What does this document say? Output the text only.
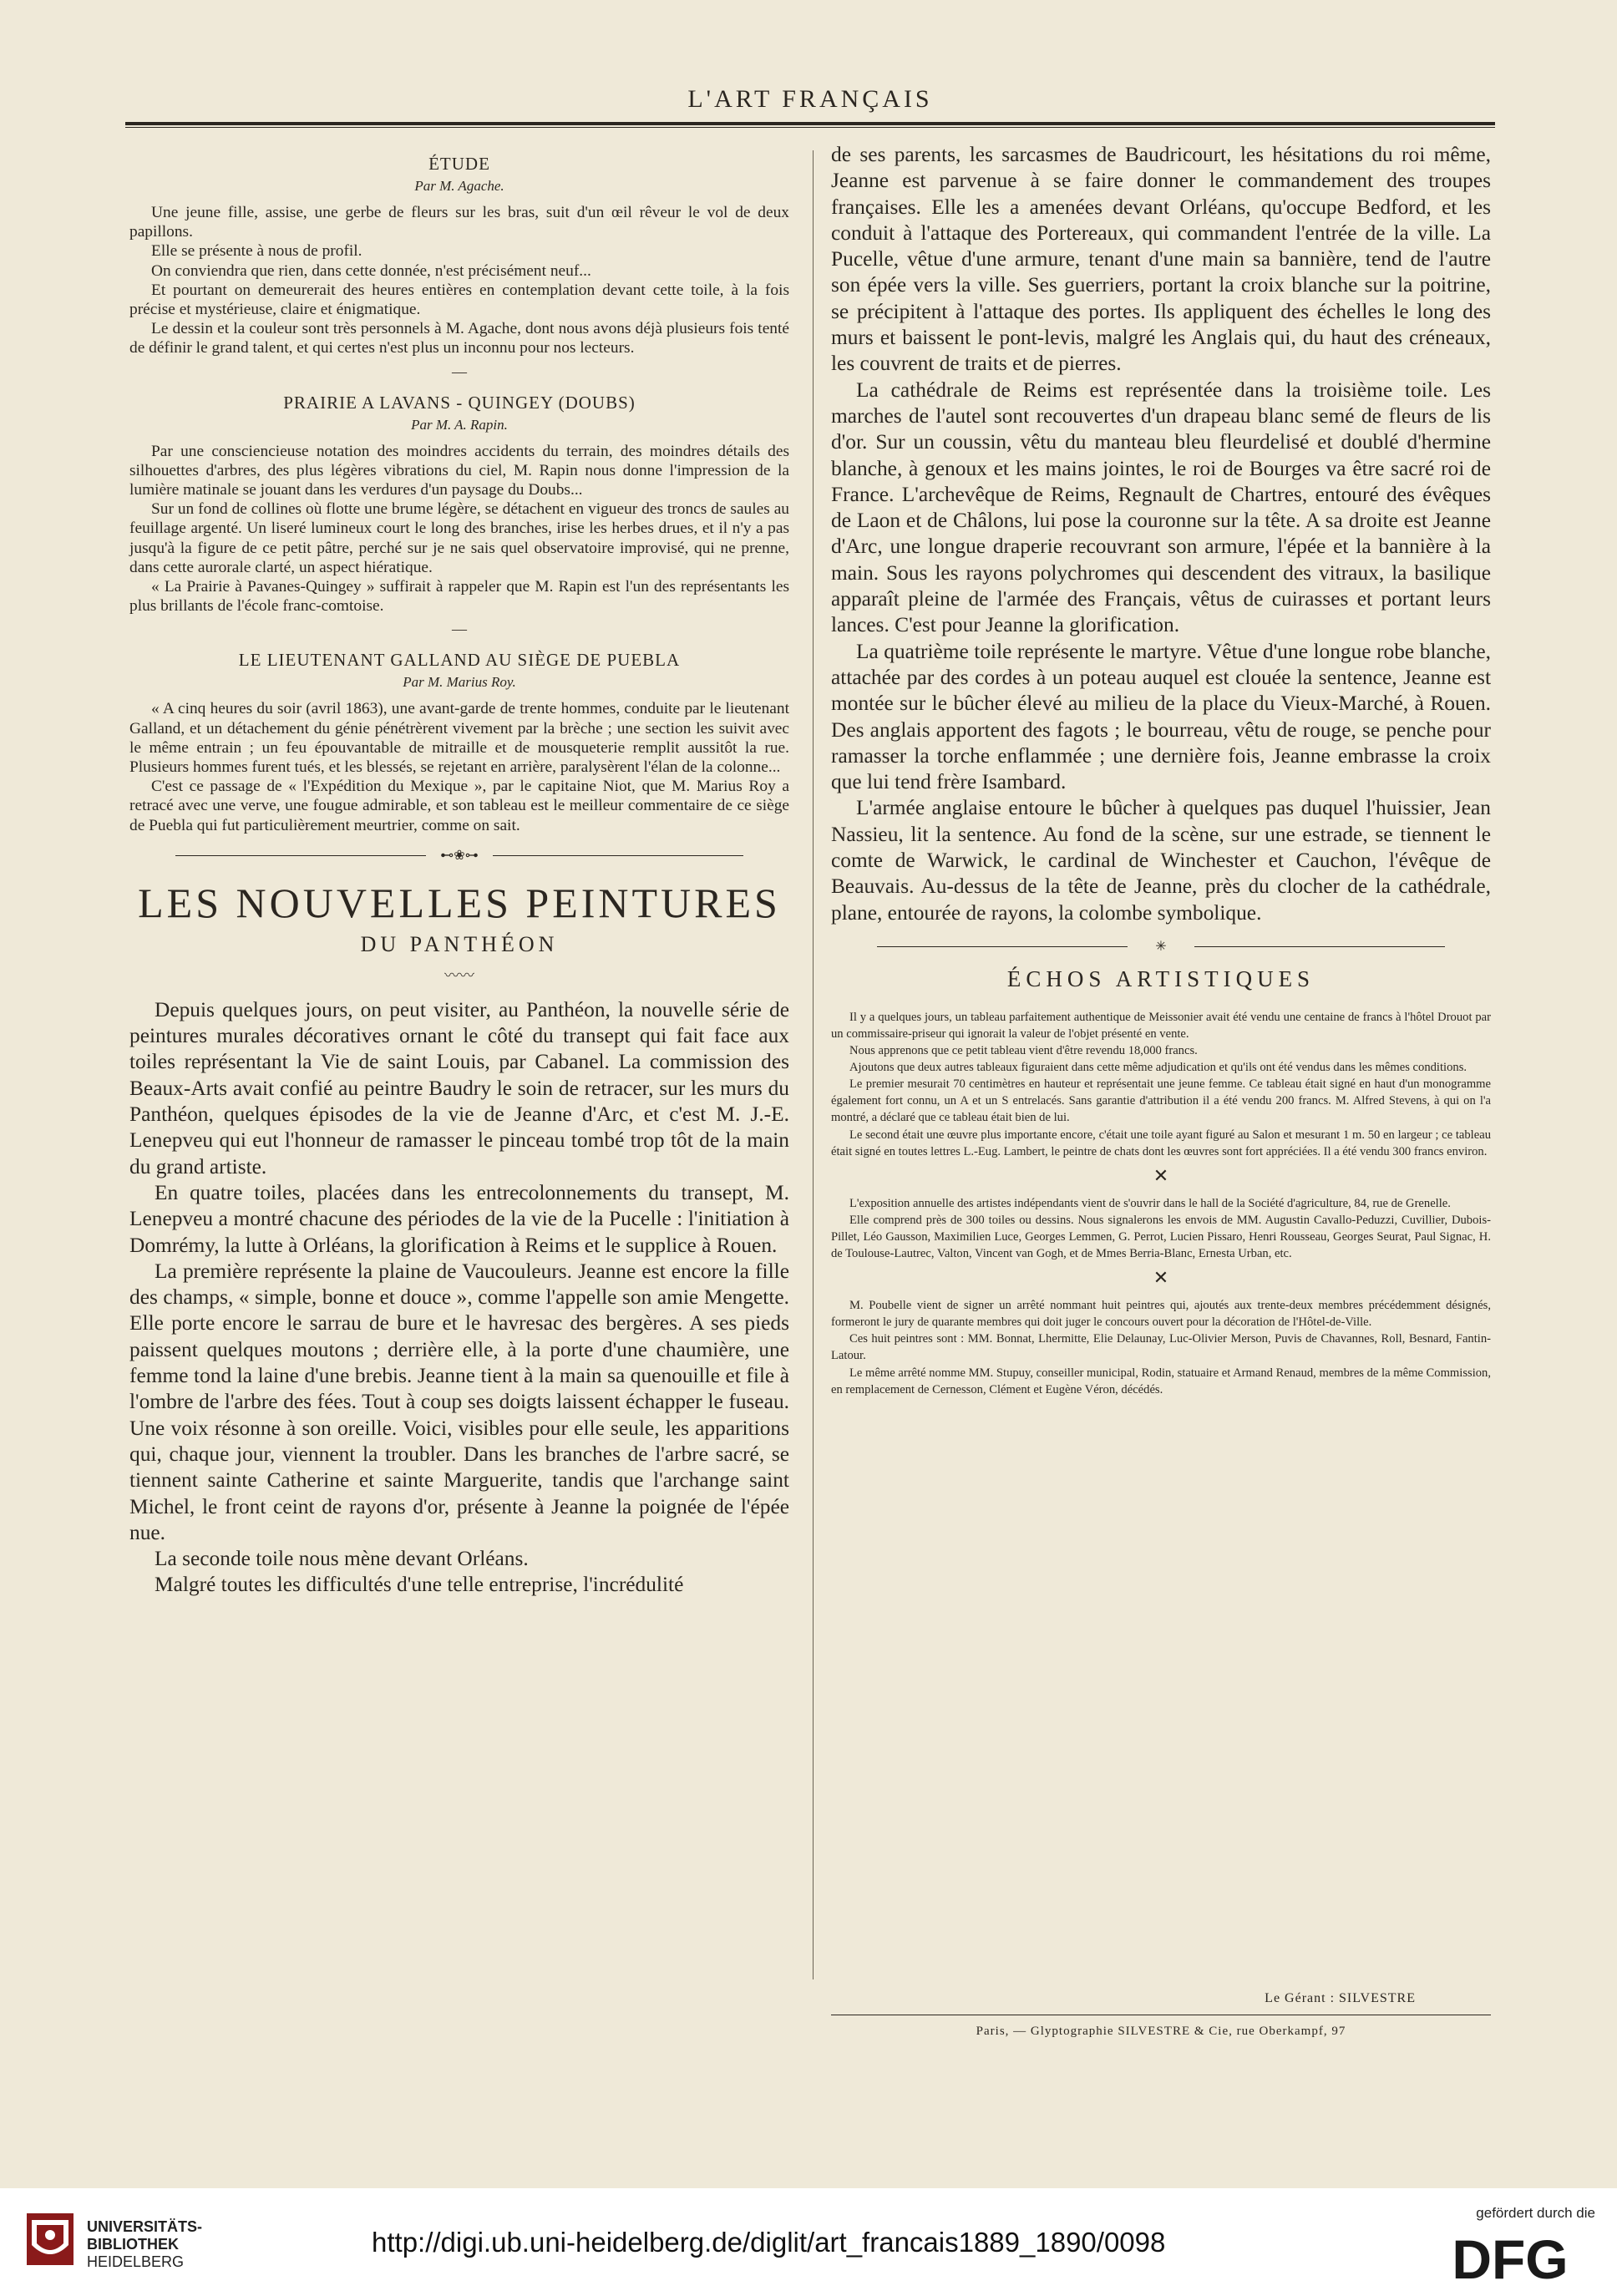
L'ART FRANÇAIS
ÉTUDE
Par M. Agache.

Une jeune fille, assise, une gerbe de fleurs sur les bras, suit d'un œil rêveur le vol de deux papillons.

Elle se présente à nous de profil.

On conviendra que rien, dans cette donnée, n'est précisément neuf...

Et pourtant on demeurerait des heures entières en contemplation devant cette toile, à la fois précise et mystérieuse, claire et énigmatique.

Le dessin et la couleur sont très personnels à M. Agache, dont nous avons déjà plusieurs fois tenté de définir le grand talent, et qui certes n'est plus un inconnu pour nos lecteurs.

—
PRAIRIE A LAVANS - QUINGEY (DOUBS)
Par M. A. Rapin.

Par une consciencieuse notation des moindres accidents du terrain, des moindres détails des silhouettes d'arbres, des plus légères vibrations du ciel, M. Rapin nous donne l'impression de la lumière matinale se jouant dans les verdures d'un paysage du Doubs...

Sur un fond de collines où flotte une brume légère, se détachent en vigueur des troncs de saules au feuillage argenté. Un liseré lumineux court le long des branches, irise les herbes drues, et il n'y a pas jusqu'à la figure de ce petit pâtre, perché sur je ne sais quel observatoire improvisé, qui ne prenne, dans cette aurorale clarté, un aspect hiératique.

« La Prairie à Pavanes-Quingey » suffirait à rappeler que M. Rapin est l'un des représentants les plus brillants de l'école franc-comtoise.

—
LE LIEUTENANT GALLAND AU SIÈGE DE PUEBLA
Par M. Marius Roy.

« A cinq heures du soir (avril 1863), une avant-garde de trente hommes, conduite par le lieutenant Galland, et un détachement du génie pénétrèrent vivement par la brèche ; une section les suivit avec le même entrain ; un feu épouvantable de mitraille et de mousqueterie remplit aussitôt la rue. Plusieurs hommes furent tués, et les blessés, se rejetant en arrière, paralysèrent l'élan de la colonne...

C'est ce passage de « l'Expédition du Mexique », par le capitaine Niot, que M. Marius Roy a retracé avec une verve, une fougue admirable, et son tableau est le meilleur commentaire de ce siège de Puebla qui fut particulièrement meurtrier, comme on sait.

⊷❀⊶
LES NOUVELLES PEINTURES
DU PANTHÉON
〰〰

Depuis quelques jours, on peut visiter, au Panthéon, la nouvelle série de peintures murales décoratives ornant le côté du transept qui fait face aux toiles représentant la Vie de saint Louis, par Cabanel. La commission des Beaux-Arts avait confié au peintre Baudry le soin de retracer, sur les murs du Panthéon, quelques épisodes de la vie de Jeanne d'Arc, et c'est M. J.-E. Lenepveu qui eut l'honneur de ramasser le pinceau tombé trop tôt de la main du grand artiste.

En quatre toiles, placées dans les entrecolonnements du transept, M. Lenepveu a montré chacune des périodes de la vie de la Pucelle : l'initiation à Domrémy, la lutte à Orléans, la glorification à Reims et le supplice à Rouen.

La première représente la plaine de Vaucouleurs. Jeanne est encore la fille des champs, « simple, bonne et douce », comme l'appelle son amie Mengette. Elle porte encore le sarrau de bure et le havresac des bergères. A ses pieds paissent quelques moutons ; derrière elle, à la porte d'une chaumière, une femme tond la laine d'une brebis. Jeanne tient à la main sa quenouille et file à l'ombre de l'arbre des fées. Tout à coup ses doigts laissent échapper le fuseau. Une voix résonne à son oreille. Voici, visibles pour elle seule, les apparitions qui, chaque jour, viennent la troubler. Dans les branches de l'arbre sacré, se tiennent sainte Catherine et sainte Marguerite, tandis que l'archange saint Michel, le front ceint de rayons d'or, présente à Jeanne la poignée de l'épée nue.

La seconde toile nous mène devant Orléans.

Malgré toutes les difficultés d'une telle entreprise, l'incrédulité

de ses parents, les sarcasmes de Baudricourt, les hésitations du roi même, Jeanne est parvenue à se faire donner le commandement des troupes françaises. Elle les a amenées devant Orléans, qu'occupe Bedford, et les conduit à l'attaque des Portereaux, qui commandent l'entrée de la ville. La Pucelle, vêtue d'une armure, tenant d'une main sa bannière, tend de l'autre son épée vers la ville. Ses guerriers, portant la croix blanche sur la poitrine, se précipitent à l'attaque des portes. Ils appliquent des échelles le long des murs et baissent le pont-levis, malgré les Anglais qui, du haut des créneaux, les couvrent de traits et de pierres.

La cathédrale de Reims est représentée dans la troisième toile. Les marches de l'autel sont recouvertes d'un drapeau blanc semé de fleurs de lis d'or. Sur un coussin, vêtu du manteau bleu fleurdelisé et doublé d'hermine blanche, à genoux et les mains jointes, le roi de Bourges va être sacré roi de France. L'archevêque de Reims, Regnault de Chartres, entouré des évêques de Laon et de Châlons, lui pose la couronne sur la tête. A sa droite est Jeanne d'Arc, une longue draperie recouvrant son armure, l'épée et la bannière à la main. Sous les rayons polychromes qui descendent des vitraux, la basilique apparaît pleine de l'armée des Français, vêtus de cuirasses et portant leurs lances. C'est pour Jeanne la glorification.

La quatrième toile représente le martyre. Vêtue d'une longue robe blanche, attachée par des cordes à un poteau auquel est clouée la sentence, Jeanne est montée sur le bûcher élevé au milieu de la place du Vieux-Marché, à Rouen. Des anglais apportent des fagots ; le bourreau, vêtu de rouge, se penche pour ramasser la torche enflammée ; une dernière fois, Jeanne embrasse la croix que lui tend frère Isambard.

L'armée anglaise entoure le bûcher à quelques pas duquel l'huissier, Jean Nassieu, lit la sentence. Au fond de la scène, sur une estrade, se tiennent le comte de Warwick, le cardinal de Winchester et Cauchon, l'évêque de Beauvais. Au-dessus de la tête de Jeanne, près du clocher de la cathédrale, plane, entourée de rayons, la colombe symbolique.

✳
ÉCHOS ARTISTIQUES

Il y a quelques jours, un tableau parfaitement authentique de Meissonier avait été vendu une centaine de francs à l'hôtel Drouot par un commissaire-priseur qui ignorait la valeur de l'objet présenté en vente.

Nous apprenons que ce petit tableau vient d'être revendu 18,000 francs.

Ajoutons que deux autres tableaux figuraient dans cette même adjudication et qu'ils ont été vendus dans les mêmes conditions.

Le premier mesurait 70 centimètres en hauteur et représentait une jeune femme. Ce tableau était signé en haut d'un monogramme également fort connu, un A et un S entrelacés. Sans garantie d'attribution il a été vendu 200 francs. M. Alfred Stevens, à qui on l'a montré, a déclaré que ce tableau était bien de lui.

Le second était une œuvre plus importante encore, c'était une toile ayant figuré au Salon et mesurant 1 m. 50 en largeur ; ce tableau était signé en toutes lettres L.-Eug. Lambert, le peintre de chats dont les œuvres sont fort appréciées. Il a été vendu 300 francs environ.

✕

L'exposition annuelle des artistes indépendants vient de s'ouvrir dans le hall de la Société d'agriculture, 84, rue de Grenelle.

Elle comprend près de 300 toiles ou dessins. Nous signalerons les envois de MM. Augustin Cavallo-Peduzzi, Cuvillier, Dubois-Pillet, Léo Gausson, Maximilien Luce, Georges Lemmen, G. Perrot, Lucien Pissaro, Henri Rousseau, Georges Seurat, Paul Signac, H. de Toulouse-Lautrec, Valton, Vincent van Gogh, et de Mmes Berria-Blanc, Ernesta Urban, etc.

✕

M. Poubelle vient de signer un arrêté nommant huit peintres qui, ajoutés aux trente-deux membres précédemment désignés, formeront le jury de quarante membres qui doit juger le concours ouvert pour la décoration de l'Hôtel-de-Ville.

Ces huit peintres sont : MM. Bonnat, Lhermitte, Elie Delaunay, Luc-Olivier Merson, Puvis de Chavannes, Roll, Besnard, Fantin-Latour.

Le même arrêté nomme MM. Stupuy, conseiller municipal, Rodin, statuaire et Armand Renaud, membres de la même Commission, en remplacement de Cernesson, Clément et Eugène Véron, décédés.

Le Gérant : SILVESTRE
Paris, — Glyptographie SILVESTRE & Cie, rue Oberkampf, 97
UNIVERSITÄTS-
BIBLIOTHEK
HEIDELBERG
http://digi.ub.uni-heidelberg.de/diglit/art_francais1889_1890/0098
gefördert durch die
DFG
